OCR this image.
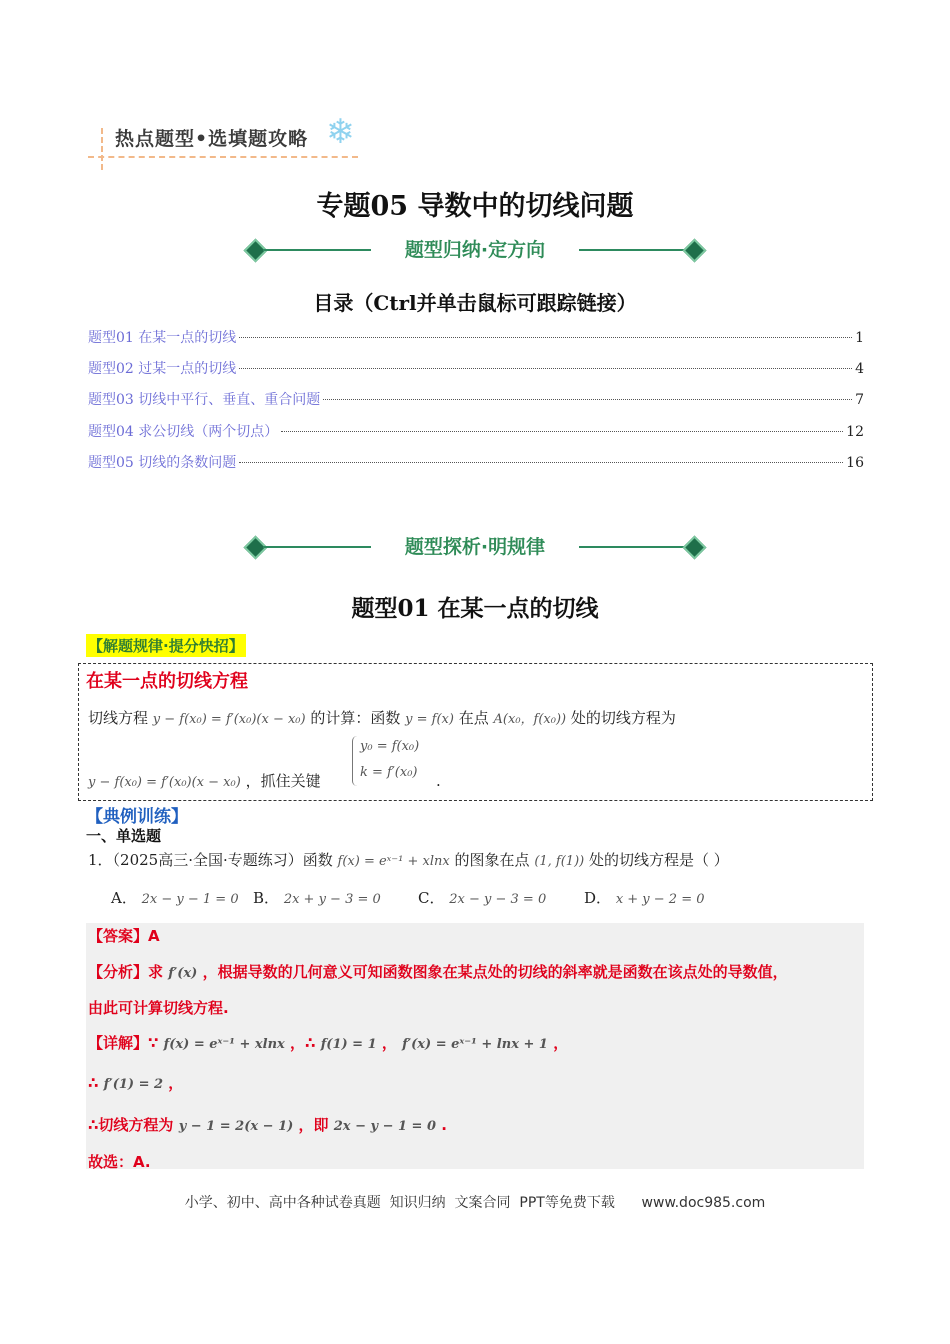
热点题型•选填题攻略 ❄
专题05 导数中的切线问题
题型归纳·定方向
目录（Ctrl并单击鼠标可跟踪链接）
题型01 在某一点的切线	1
题型02 过某一点的切线	4
题型03 切线中平行、垂直、重合问题	7
题型04 求公切线（两个切点）	12
题型05 切线的条数问题	16
题型探析·明规律
题型01 在某一点的切线
【解题规律·提分快招】
在某一点的切线方程
切线方程 y − f(x₀) = f′(x₀)(x − x₀) 的计算：函数 y = f(x) 在点 A(x₀，f(x₀)) 处的切线方程为
y − f(x₀) = f′(x₀)(x − x₀) ，抓住关键
y₀ = f(x₀)
k = f′(x₀) .
【典例训练】
一、单选题
1．（2025高三·全国·专题练习）函数 f(x) = eˣ⁻¹ + xlnx 的图象在点 (1, f(1)) 处的切线方程是（ ）
A． 2x − y − 1 = 0 B． 2x + y − 3 = 0 C． 2x − y − 3 = 0	D． x + y − 2 = 0
【答案】A
【分析】求 f′(x) ，根据导数的几何意义可知函数图象在某点处的切线的斜率就是函数在该点处的导数值，
由此可计算切线方程.
【详解】∵ f(x) = eˣ⁻¹ + xlnx ，∴ f(1) = 1 ， f′(x) = eˣ⁻¹ + lnx + 1 ，
∴ f′(1) = 2 ，
∴切线方程为 y − 1 = 2(x − 1) ，即 2x − y − 1 = 0 .
故选：A.
小学、初中、高中各种试卷真题  知识归纳  文案合同  PPT等免费下载      www.doc985.com
